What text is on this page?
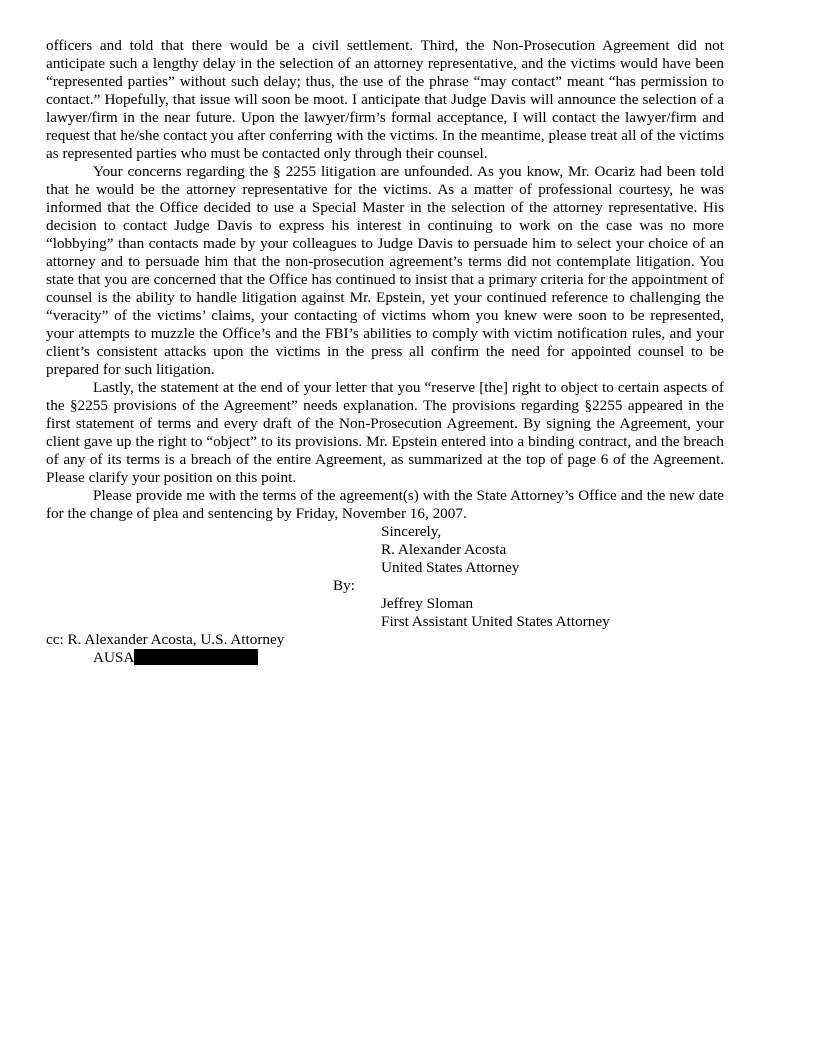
officers and told that there would be a civil settlement. Third, the Non-Prosecution Agreement did not anticipate such a lengthy delay in the selection of an attorney representative, and the victims would have been “represented parties” without such delay; thus, the use of the phrase “may contact” meant “has permission to contact.” Hopefully, that issue will soon be moot. I anticipate that Judge Davis will announce the selection of a lawyer/firm in the near future. Upon the lawyer/firm’s formal acceptance, I will contact the lawyer/firm and request that he/she contact you after conferring with the victims. In the meantime, please treat all of the victims as represented parties who must be contacted only through their counsel.

Your concerns regarding the § 2255 litigation are unfounded. As you know, Mr. Ocariz had been told that he would be the attorney representative for the victims. As a matter of professional courtesy, he was informed that the Office decided to use a Special Master in the selection of the attorney representative. His decision to contact Judge Davis to express his interest in continuing to work on the case was no more “lobbying” than contacts made by your colleagues to Judge Davis to persuade him to select your choice of an attorney and to persuade him that the non-prosecution agreement’s terms did not contemplate litigation. You state that you are concerned that the Office has continued to insist that a primary criteria for the appointment of counsel is the ability to handle litigation against Mr. Epstein, yet your continued reference to challenging the “veracity” of the victims’ claims, your contacting of victims whom you knew were soon to be represented, your attempts to muzzle the Office’s and the FBI’s abilities to comply with victim notification rules, and your client’s consistent attacks upon the victims in the press all confirm the need for appointed counsel to be prepared for such litigation.

Lastly, the statement at the end of your letter that you “reserve [the] right to object to certain aspects of the §2255 provisions of the Agreement” needs explanation. The provisions regarding §2255 appeared in the first statement of terms and every draft of the Non-Prosecution Agreement. By signing the Agreement, your client gave up the right to “object” to its provisions. Mr. Epstein entered into a binding contract, and the breach of any of its terms is a breach of the entire Agreement, as summarized at the top of page 6 of the Agreement. Please clarify your position on this point.

Please provide me with the terms of the agreement(s) with the State Attorney’s Office and the new date for the change of plea and sentencing by Friday, November 16, 2007.

Sincerely,

R. Alexander Acosta

United States Attorney

By:

Jeffrey Sloman

First Assistant United States Attorney

cc: R. Alexander Acosta, U.S. Attorney

AUSA
